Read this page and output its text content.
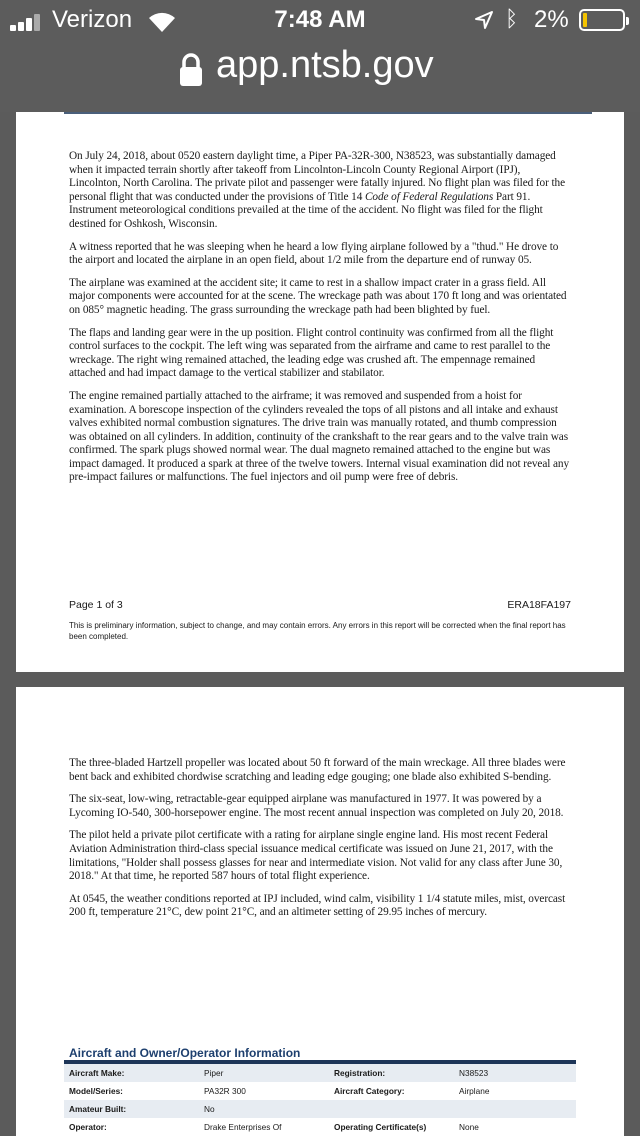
Verizon	7:48 AM	ᛒ 2%
app.ntsb.gov

On July 24, 2018, about 0520 eastern daylight time, a Piper PA-32R-300, N38523, was substantially damaged when it impacted terrain shortly after takeoff from Lincolnton-Lincoln County Regional Airport (IPJ), Lincolnton, North Carolina. The private pilot and passenger were fatally injured. No flight plan was filed for the personal flight that was conducted under the provisions of Title 14 Code of Federal Regulations Part 91. Instrument meteorological conditions prevailed at the time of the accident. No flight was filed for the flight destined for Oshkosh, Wisconsin.

A witness reported that he was sleeping when he heard a low flying airplane followed by a "thud." He drove to the airport and located the airplane in an open field, about 1/2 mile from the departure end of runway 05.

The airplane was examined at the accident site; it came to rest in a shallow impact crater in a grass field. All major components were accounted for at the scene. The wreckage path was about 170 ft long and was orientated on 085° magnetic heading. The grass surrounding the wreckage path had been blighted by fuel.

The flaps and landing gear were in the up position. Flight control continuity was confirmed from all the flight control surfaces to the cockpit. The left wing was separated from the airframe and came to rest parallel to the wreckage. The right wing remained attached, the leading edge was crushed aft. The empennage remained attached and had impact damage to the vertical stabilizer and stabilator.

The engine remained partially attached to the airframe; it was removed and suspended from a hoist for examination. A borescope inspection of the cylinders revealed the tops of all pistons and all intake and exhaust valves exhibited normal combustion signatures. The drive train was manually rotated, and thumb compression was obtained on all cylinders. In addition, continuity of the crankshaft to the rear gears and to the valve train was confirmed. The spark plugs showed normal wear. The dual magneto remained attached to the engine but was impact damaged. It produced a spark at three of the twelve towers. Internal visual examination did not reveal any pre-impact failures or malfunctions. The fuel injectors and oil pump were free of debris.

Page 1 of 3	ERA18FA197
This is preliminary information, subject to change, and may contain errors. Any errors in this report will be corrected when the final report has been completed.

The three-bladed Hartzell propeller was located about 50 ft forward of the main wreckage. All three blades were bent back and exhibited chordwise scratching and leading edge gouging; one blade also exhibited S-bending.

The six-seat, low-wing, retractable-gear equipped airplane was manufactured in 1977. It was powered by a Lycoming IO-540, 300-horsepower engine. The most recent annual inspection was completed on July 20, 2018.

The pilot held a private pilot certificate with a rating for airplane single engine land. His most recent Federal Aviation Administration third-class special issuance medical certificate was issued on June 21, 2017, with the limitations, "Holder shall possess glasses for near and intermediate vision. Not valid for any class after June 30, 2018." At that time, he reported 587 hours of total flight experience.

At 0545, the weather conditions reported at IPJ included, wind calm, visibility 1 1/4 statute miles, mist, overcast 200 ft, temperature 21°C, dew point 21°C, and an altimeter setting of 29.95 inches of mercury.

Aircraft and Owner/Operator Information
Aircraft Make:	Piper	Registration:	N38523
Model/Series:	PA32R 300	Aircraft Category:	Airplane
Amateur Built:	No
Operator:	Drake Enterprises Of	Operating Certificate(s)	None
